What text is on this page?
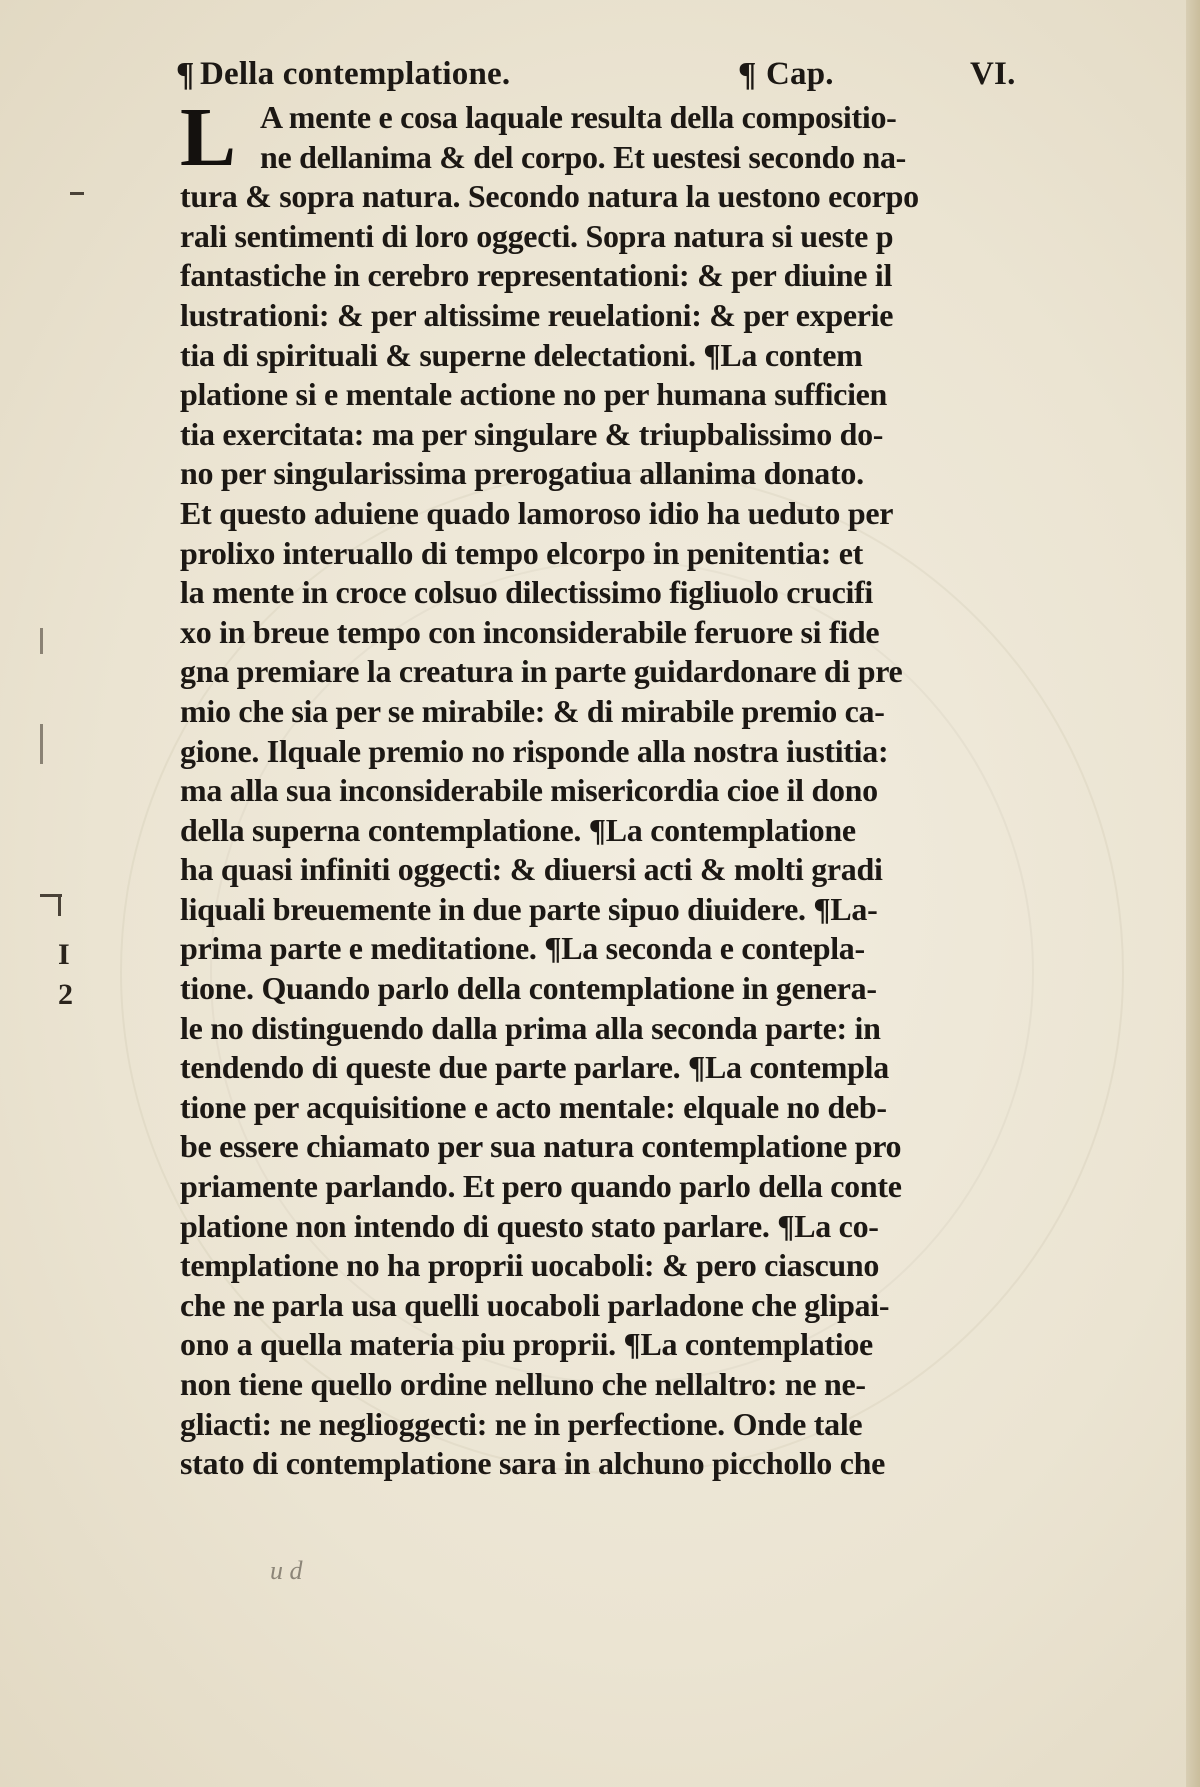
I
2
¶ Della contemplatione.	¶ Cap.	VI.
L A mente e cosa laquale resulta della compositio-
ne dellanima & del corpo. Et uestesi secondo na-
tura & sopra natura. Secondo natura la uestono ecorpo
rali sentimenti di loro oggecti. Sopra natura si ueste p
fantastiche in cerebro representationi: & per diuine il
lustrationi: & per altissime reuelationi: & per experie
tia di spirituali & superne delectationi. ¶La contem
platione si e mentale actione no per humana sufficien
tia exercitata: ma per singulare & triupbalissimo do-
no per singularissima prerogatiua allanima donato.
Et questo aduiene quado lamoroso idio ha ueduto per
prolixo interuallo di tempo elcorpo in penitentia: et
la mente in croce colsuo dilectissimo figliuolo crucifi
xo in breue tempo con inconsiderabile feruore si fide
gna premiare la creatura in parte guidardonare di pre
mio che sia per se mirabile: & di mirabile premio ca-
gione. Ilquale premio no risponde alla nostra iustitia:
ma alla sua inconsiderabile misericordia cioe il dono
della superna contemplatione. ¶La contemplatione
ha quasi infiniti oggecti: & diuersi acti & molti gradi
liquali breuemente in due parte sipuo diuidere. ¶La-
prima parte e meditatione. ¶La seconda e contepla-
tione. Quando parlo della contemplatione in genera-
le no distinguendo dalla prima alla seconda parte: in
tendendo di queste due parte parlare. ¶La contempla
tione per acquisitione e acto mentale: elquale no deb-
be essere chiamato per sua natura contemplatione pro
priamente parlando. Et pero quando parlo della conte
platione non intendo di questo stato parlare. ¶La co-
templatione no ha proprii uocaboli: & pero ciascuno
che ne parla usa quelli uocaboli parladone che glipai-
ono a quella materia piu proprii. ¶La contemplatioe
non tiene quello ordine nelluno che nellaltro: ne ne-
gliacti: ne neglioggecti: ne in perfectione. Onde tale
stato di contemplatione sara in alchuno picchollo che
u d
